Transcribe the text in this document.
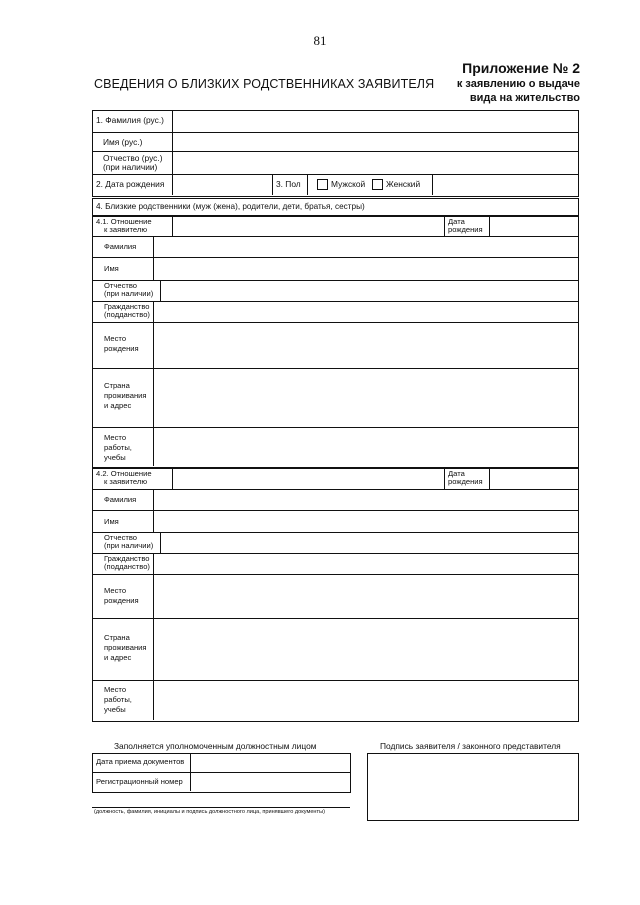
81
СВЕДЕНИЯ О БЛИЗКИХ РОДСТВЕННИКАХ ЗАЯВИТЕЛЯ
Приложение № 2
к заявлению о выдаче
вида на жительство
1. Фамилия (рус.)
Имя (рус.)
Отчество (рус.)
(при наличии)
2. Дата рождения	3. Пол	Мужской Женский
4. Близкие родственники (муж (жена), родители, дети, братья, сестры)
4.1. Отношение
к заявителю
Дата
рождения
Фамилия
Имя
Отчество
(при наличии)
Гражданство
(подданство)
Место
рождения
Страна
проживания
и адрес
Место
работы,
учебы
4.2. Отношение
к заявителю
Дата
рождения
Фамилия
Имя
Отчество
(при наличии)
Гражданство
(подданство)
Место
рождения
Страна
проживания
и адрес
Место
работы,
учебы
Заполняется уполномоченным должностным лицом
Дата приема документов
Регистрационный номер
(должность, фамилия, инициалы и подпись должностного лица, принявшего документы)
Подпись заявителя / законного представителя
